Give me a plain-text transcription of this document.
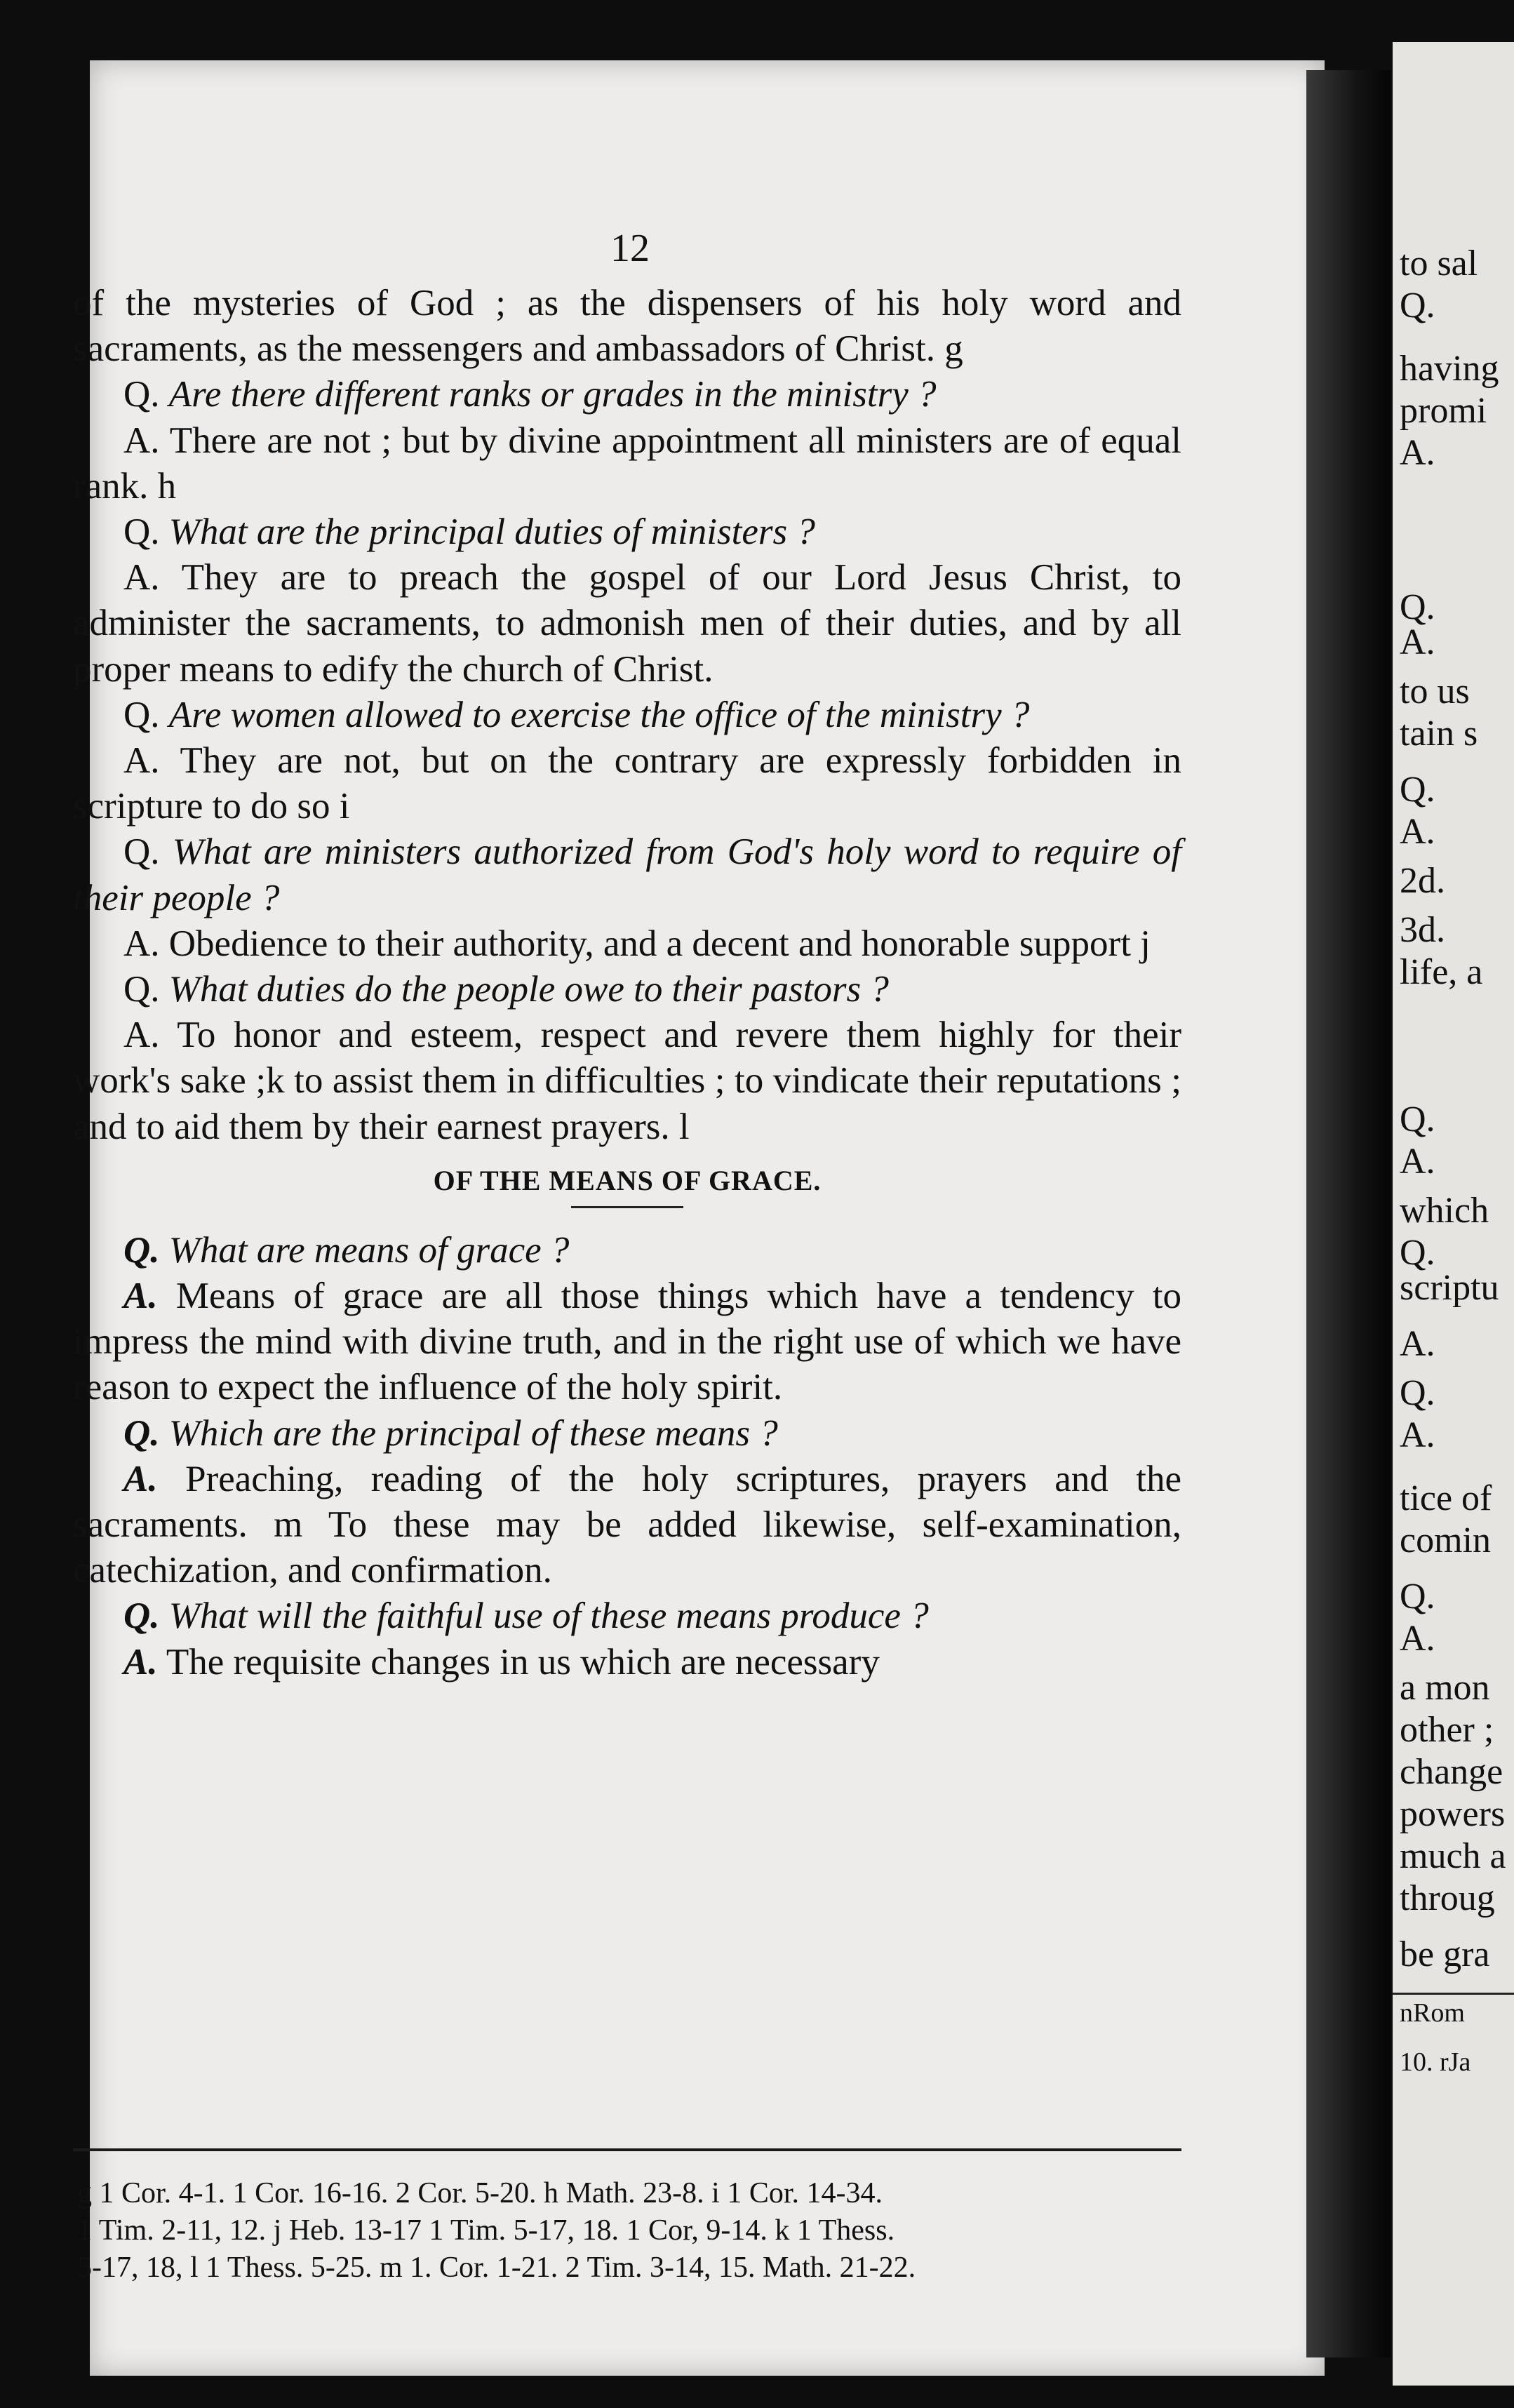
to sal
Q.
having
promi
A.
Q.
A.
to us
tain s
Q.
A.
2d.
3d.
life, a
Q.
A.
which
Q.
scriptu
A.
Q.
A.
tice of
comin
Q.
A.
a mon
other ;
change
powers
much a
throug
be gra
nRom
10. rJa
12

of the mysteries of God ; as the dispensers of his holy word and sacraments, as the messengers and ambassadors of Christ. g

Q. Are there different ranks or grades in the ministry ?

A. There are not ; but by divine appointment all ministers are of equal rank. h

Q. What are the principal duties of ministers ?

A. They are to preach the gospel of our Lord Jesus Christ, to administer the sacraments, to admonish men of their duties, and by all proper means to edify the church of Christ.

Q. Are women allowed to exercise the office of the ministry ?

A. They are not, but on the contrary are expressly forbidden in scripture to do so i

Q. What are ministers authorized from God's holy word to require of their people ?

A. Obedience to their authority, and a decent and honorable support j

Q. What duties do the people owe to their pastors ?

A. To honor and esteem, respect and revere them highly for their work's sake ;k to assist them in difficulties ; to vindicate their reputations ; and to aid them by their earnest prayers. l

OF THE MEANS OF GRACE.

Q. What are means of grace ?

A. Means of grace are all those things which have a tendency to impress the mind with divine truth, and in the right use of which we have reason to expect the influence of the holy spirit.

Q. Which are the principal of these means ?

A. Preaching, reading of the holy scriptures, prayers and the sacraments. m To these may be added likewise, self-examination, catechization, and confirmation.

Q. What will the faithful use of these means produce ?

A. The requisite changes in us which are necessary

g 1 Cor. 4-1. 1 Cor. 16-16. 2 Cor. 5-20. h Math. 23-8. i 1 Cor. 14-34.

1 Tim. 2-11, 12. j Heb. 13-17 1 Tim. 5-17, 18. 1 Cor, 9-14. k 1 Thess.

5-17, 18, l 1 Thess. 5-25. m 1. Cor. 1-21. 2 Tim. 3-14, 15. Math. 21-22.
